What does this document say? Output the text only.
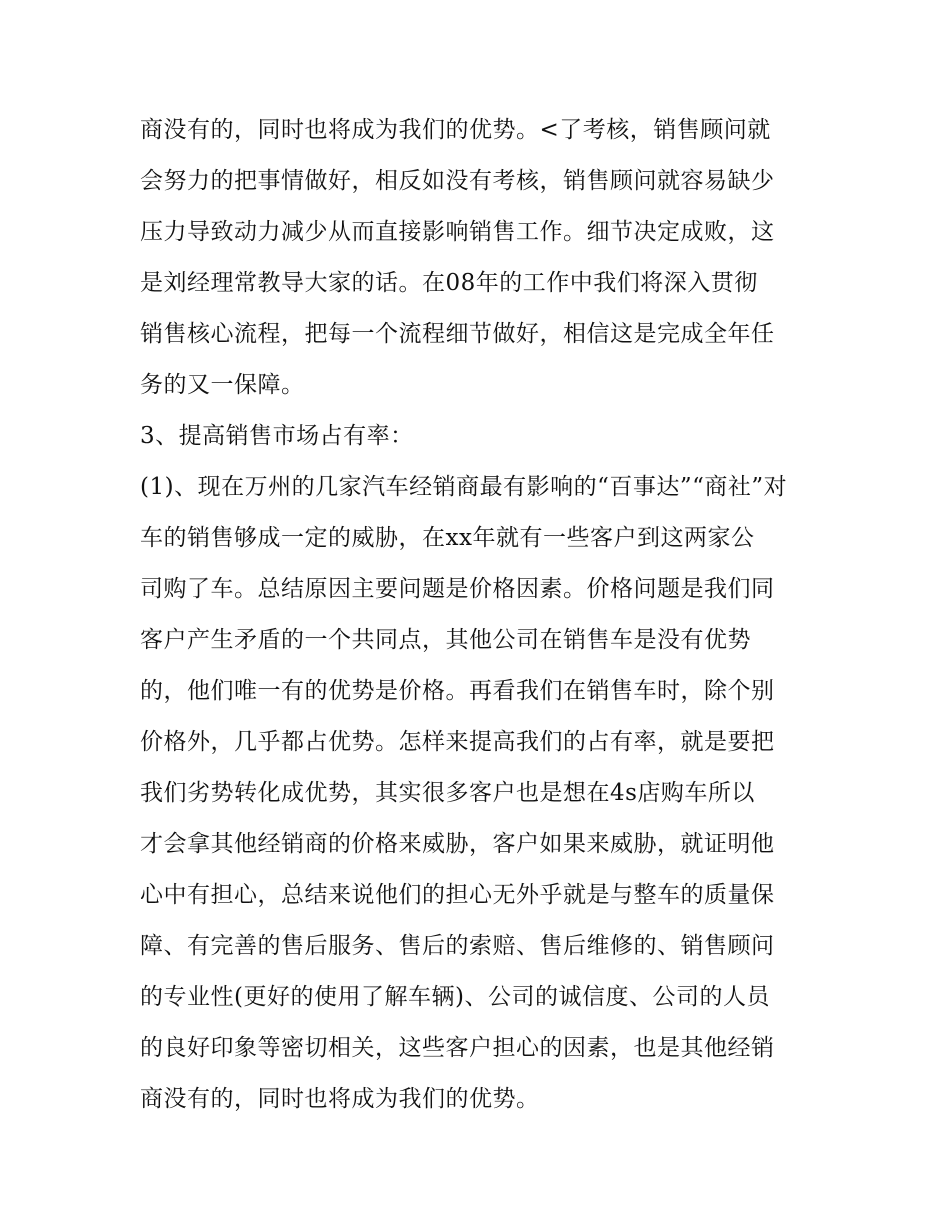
商没有的，同时也将成为我们的优势。<了考核，销售顾问就
会努力的把事情做好，相反如没有考核，销售顾问就容易缺少
压力导致动力减少从而直接影响销售工作。细节决定成败，这
是刘经理常教导大家的话。在08年的工作中我们将深入贯彻
销售核心流程，把每一个流程细节做好，相信这是完成全年任
务的又一保障。
3、提高销售市场占有率：
(1)、现在万州的几家汽车经销商最有影响的“百事达”“商社”对
车的销售够成一定的威胁，在xx年就有一些客户到这两家公
司购了车。总结原因主要问题是价格因素。价格问题是我们同
客户产生矛盾的一个共同点，其他公司在销售车是没有优势
的，他们唯一有的优势是价格。再看我们在销售车时，除个别
价格外，几乎都占优势。怎样来提高我们的占有率，就是要把
我们劣势转化成优势，其实很多客户也是想在4s店购车所以
才会拿其他经销商的价格来威胁，客户如果来威胁，就证明他
心中有担心，总结来说他们的担心无外乎就是与整车的质量保
障、有完善的售后服务、售后的索赔、售后维修的、销售顾问
的专业性(更好的使用了解车辆)、公司的诚信度、公司的人员
的良好印象等密切相关，这些客户担心的因素，也是其他经销
商没有的，同时也将成为我们的优势。
